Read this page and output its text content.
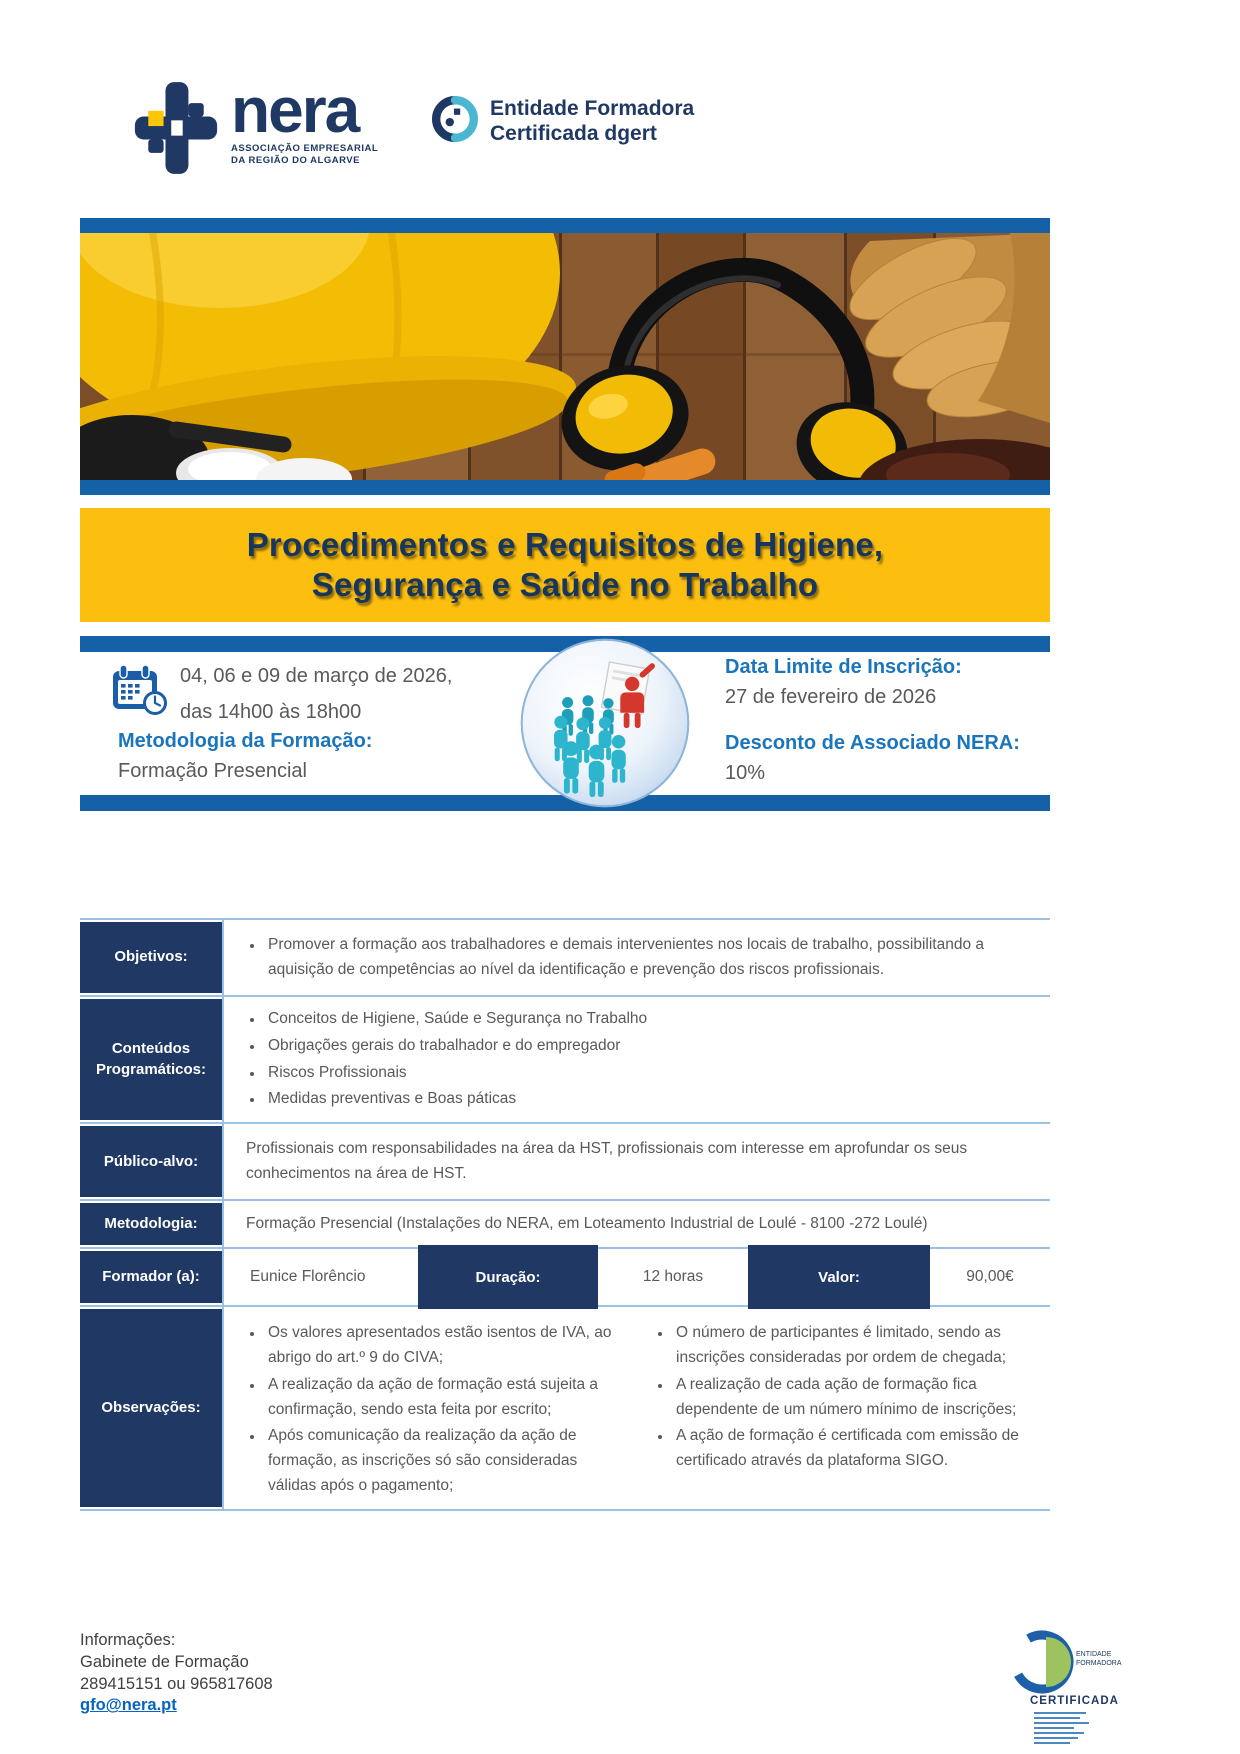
nera
ASSOCIAÇÃO EMPRESARIAL
DA REGIÃO DO ALGARVE
Entidade Formadora
Certificada dgert
Procedimentos e Requisitos de Higiene,
Segurança e Saúde no Trabalho
04, 06 e 09 de março de 2026,
das 14h00 às 18h00
Metodologia da Formação:
Formação Presencial
Data Limite de Inscrição:
27 de fevereiro de 2026
Desconto de Associado NERA:
10%
Objetivos:
• Promover a formação aos trabalhadores e demais intervenientes nos locais de trabalho, possibilitando a aquisição de competências ao nível da identificação e prevenção dos riscos profissionais.
Conteúdos Programáticos:
• Conceitos de Higiene, Saúde e Segurança no Trabalho
• Obrigações gerais do trabalhador e do empregador
• Riscos Profissionais
• Medidas preventivas e Boas páticas
Público-alvo:

Profissionais com responsabilidades na área da HST, profissionais com interesse em aprofundar os seus conhecimentos na área de HST.

Metodologia:	Formação Presencial (Instalações do NERA, em Loteamento Industrial de Loulé - 8100 -272 Loulé)

Formador (a):	Eunice Florêncio	Duração:	12 horas	Valor:	90,00€
Observações:
• Os valores apresentados estão isentos de IVA, ao abrigo do art.º 9 do CIVA;
• A realização da ação de formação está sujeita a confirmação, sendo esta feita por escrito;
• Após comunicação da realização da ação de formação, as inscrições só são consideradas válidas após o pagamento;
• O número de participantes é limitado, sendo as inscrições consideradas por ordem de chegada;
• A realização de cada ação de formação fica dependente de um número mínimo de inscrições;
• A ação de formação é certificada com emissão de certificado através da plataforma SIGO.
Informações:
Gabinete de Formação
289415151 ou 965817608
gfo@nera.pt
ENTIDADE
FORMADORA
CERTIFICADA
